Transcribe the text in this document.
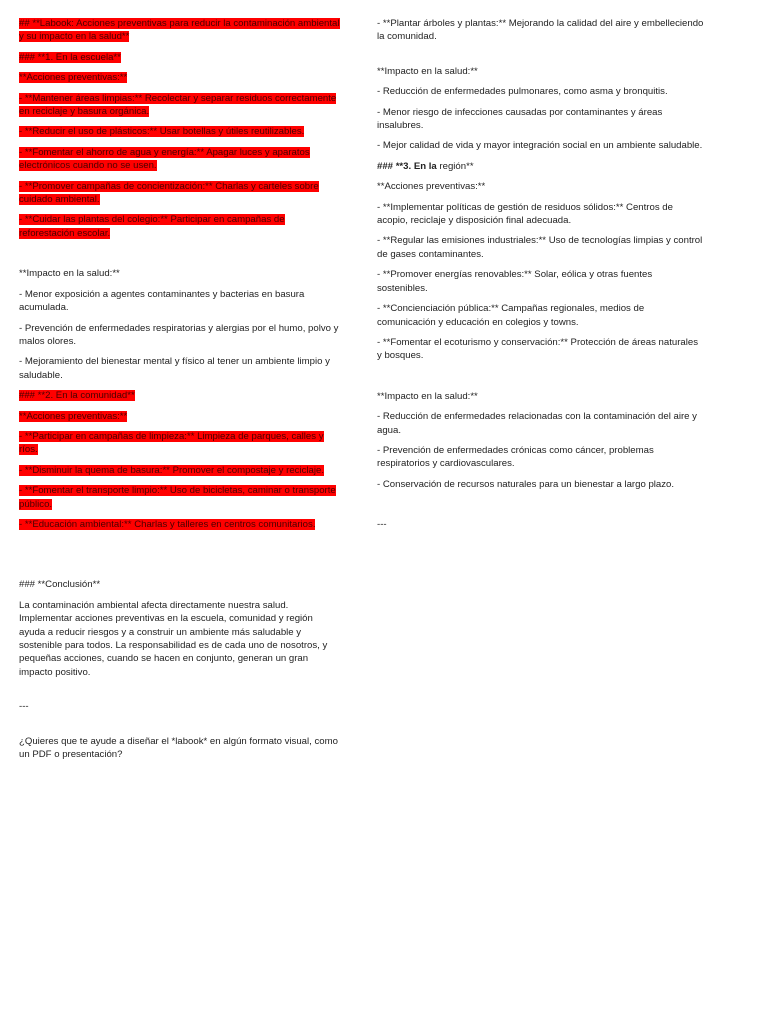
## **Labook: Acciones preventivas para reducir la contaminación ambiental y su impacto en la salud**

### **1. En la escuela**

**Acciones preventivas:**

- **Mantener áreas limpias:** Recolectar y separar residuos correctamente en reciclaje y basura orgánica.

- **Reducir el uso de plásticos:** Usar botellas y útiles reutilizables.

- **Fomentar el ahorro de agua y energía:** Apagar luces y aparatos electrónicos cuando no se usen.

- **Promover campañas de concientización:** Charlas y carteles sobre cuidado ambiental.

- **Cuidar las plantas del colegio:** Participar en campañas de reforestación escolar.

**Impacto en la salud:**

- Menor exposición a agentes contaminantes y bacterias en basura acumulada.

- Prevención de enfermedades respiratorias y alergias por el humo, polvo y malos olores.

- Mejoramiento del bienestar mental y físico al tener un ambiente limpio y saludable.

### **2. En la comunidad**

**Acciones preventivas:**

- **Participar en campañas de limpieza:** Limpieza de parques, calles y ríos.

- **Disminuir la quema de basura:** Promover el compostaje y reciclaje.

- **Fomentar el transporte limpio:** Uso de bicicletas, caminar o transporte público.

- **Educación ambiental:** Charlas y talleres en centros comunitarios.

### **Conclusión**

La contaminación ambiental afecta directamente nuestra salud. Implementar acciones preventivas en la escuela, comunidad y región ayuda a reducir riesgos y a construir un ambiente más saludable y sostenible para todos. La responsabilidad es de cada uno de nosotros, y pequeñas acciones, cuando se hacen en conjunto, generan un gran impacto positivo.

---

¿Quieres que te ayude a diseñar el *labook* en algún formato visual, como un PDF o presentación?

- **Plantar árboles y plantas:** Mejorando la calidad del aire y embelleciendo la comunidad.

**Impacto en la salud:**

- Reducción de enfermedades pulmonares, como asma y bronquitis.

- Menor riesgo de infecciones causadas por contaminantes y áreas insalubres.

- Mejor calidad de vida y mayor integración social en un ambiente saludable.

### **3. En la región**

**Acciones preventivas:**

- **Implementar políticas de gestión de residuos sólidos:** Centros de acopio, reciclaje y disposición final adecuada.

- **Regular las emisiones industriales:** Uso de tecnologías limpias y control de gases contaminantes.

- **Promover energías renovables:** Solar, eólica y otras fuentes sostenibles.

- **Concienciación pública:** Campañas regionales, medios de comunicación y educación en colegios y towns.

- **Fomentar el ecoturismo y conservación:** Protección de áreas naturales y bosques.

**Impacto en la salud:**

- Reducción de enfermedades relacionadas con la contaminación del aire y agua.

- Prevención de enfermedades crónicas como cáncer, problemas respiratorios y cardiovasculares.

- Conservación de recursos naturales para un bienestar a largo plazo.

---
